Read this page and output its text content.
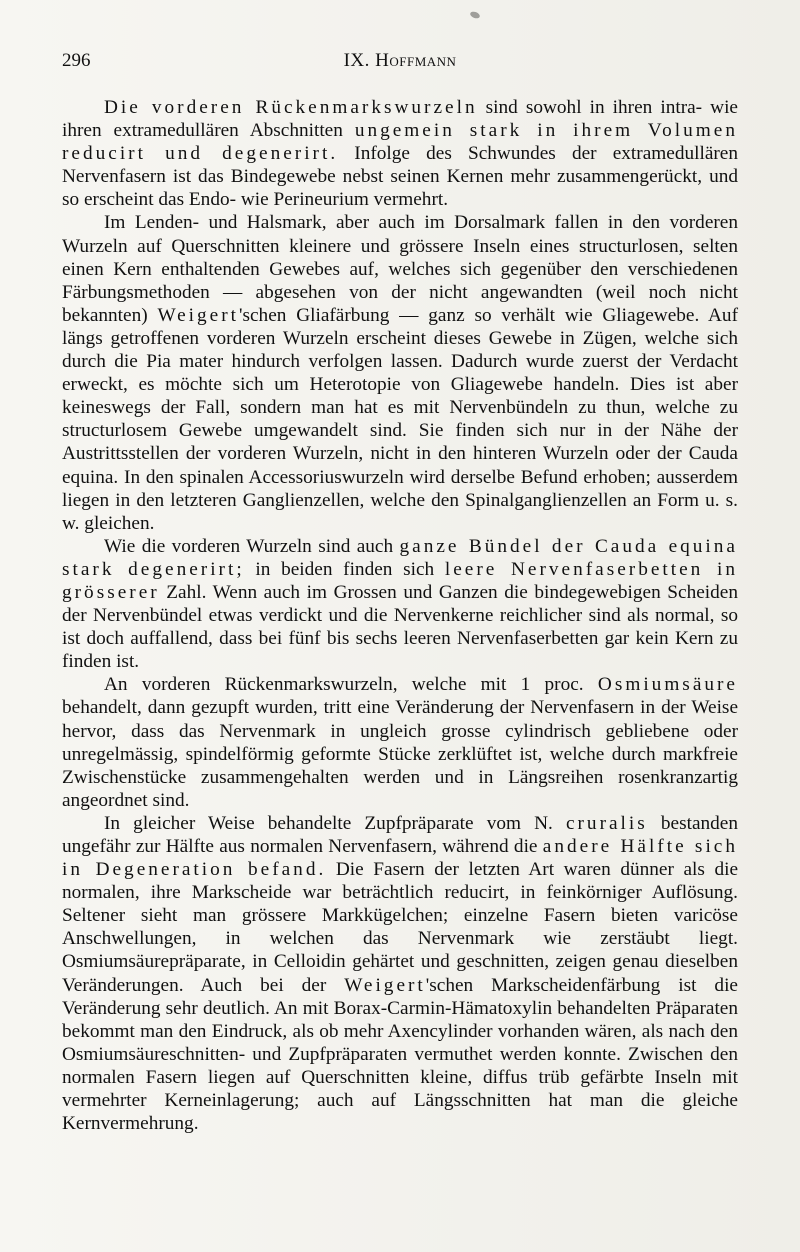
296	IX. Hoffmann

Die vorderen Rückenmarkswurzeln sind sowohl in ihren intra- wie ihren extramedullären Abschnitten ungemein stark in ihrem Volumen reducirt und degenerirt. Infolge des Schwundes der extramedullären Nervenfasern ist das Bindegewebe nebst seinen Kernen mehr zusammengerückt, und so erscheint das Endo- wie Perineurium vermehrt.

Im Lenden- und Halsmark, aber auch im Dorsalmark fallen in den vorderen Wurzeln auf Querschnitten kleinere und grössere Inseln eines structurlosen, selten einen Kern enthaltenden Gewebes auf, welches sich gegenüber den verschiedenen Färbungsmethoden — abgesehen von der nicht angewandten (weil noch nicht bekannten) Weigert'schen Gliafärbung — ganz so verhält wie Gliagewebe. Auf längs getroffenen vorderen Wurzeln erscheint dieses Gewebe in Zügen, welche sich durch die Pia mater hindurch verfolgen lassen. Dadurch wurde zuerst der Verdacht erweckt, es möchte sich um Heterotopie von Gliagewebe handeln. Dies ist aber keineswegs der Fall, sondern man hat es mit Nervenbündeln zu thun, welche zu structurlosem Gewebe umgewandelt sind. Sie finden sich nur in der Nähe der Austrittsstellen der vorderen Wurzeln, nicht in den hinteren Wurzeln oder der Cauda equina. In den spinalen Accessoriuswurzeln wird derselbe Befund erhoben; ausserdem liegen in den letzteren Ganglienzellen, welche den Spinalganglienzellen an Form u. s. w. gleichen.

Wie die vorderen Wurzeln sind auch ganze Bündel der Cauda equina stark degenerirt; in beiden finden sich leere Nervenfaserbetten in grösserer Zahl. Wenn auch im Grossen und Ganzen die bindegewebigen Scheiden der Nervenbündel etwas verdickt und die Nervenkerne reichlicher sind als normal, so ist doch auffallend, dass bei fünf bis sechs leeren Nervenfaserbetten gar kein Kern zu finden ist.

An vorderen Rückenmarkswurzeln, welche mit 1 proc. Osmiumsäure behandelt, dann gezupft wurden, tritt eine Veränderung der Nervenfasern in der Weise hervor, dass das Nervenmark in ungleich grosse cylindrisch gebliebene oder unregelmässig, spindelförmig geformte Stücke zerklüftet ist, welche durch markfreie Zwischenstücke zusammengehalten werden und in Längsreihen rosenkranzartig angeordnet sind.

In gleicher Weise behandelte Zupfpräparate vom N. cruralis bestanden ungefähr zur Hälfte aus normalen Nervenfasern, während die andere Hälfte sich in Degeneration befand. Die Fasern der letzten Art waren dünner als die normalen, ihre Markscheide war beträchtlich reducirt, in feinkörniger Auflösung. Seltener sieht man grössere Markkügelchen; einzelne Fasern bieten varicöse Anschwellungen, in welchen das Nervenmark wie zerstäubt liegt. Osmiumsäurepräparate, in Celloidin gehärtet und geschnitten, zeigen genau dieselben Veränderungen. Auch bei der Weigert'schen Markscheidenfärbung ist die Veränderung sehr deutlich. An mit Borax-Carmin-Hämatoxylin behandelten Präparaten bekommt man den Eindruck, als ob mehr Axencylinder vorhanden wären, als nach den Osmiumsäureschnitten- und Zupfpräparaten vermuthet werden konnte. Zwischen den normalen Fasern liegen auf Querschnitten kleine, diffus trüb gefärbte Inseln mit vermehrter Kerneinlagerung; auch auf Längsschnitten hat man die gleiche Kernvermehrung.
